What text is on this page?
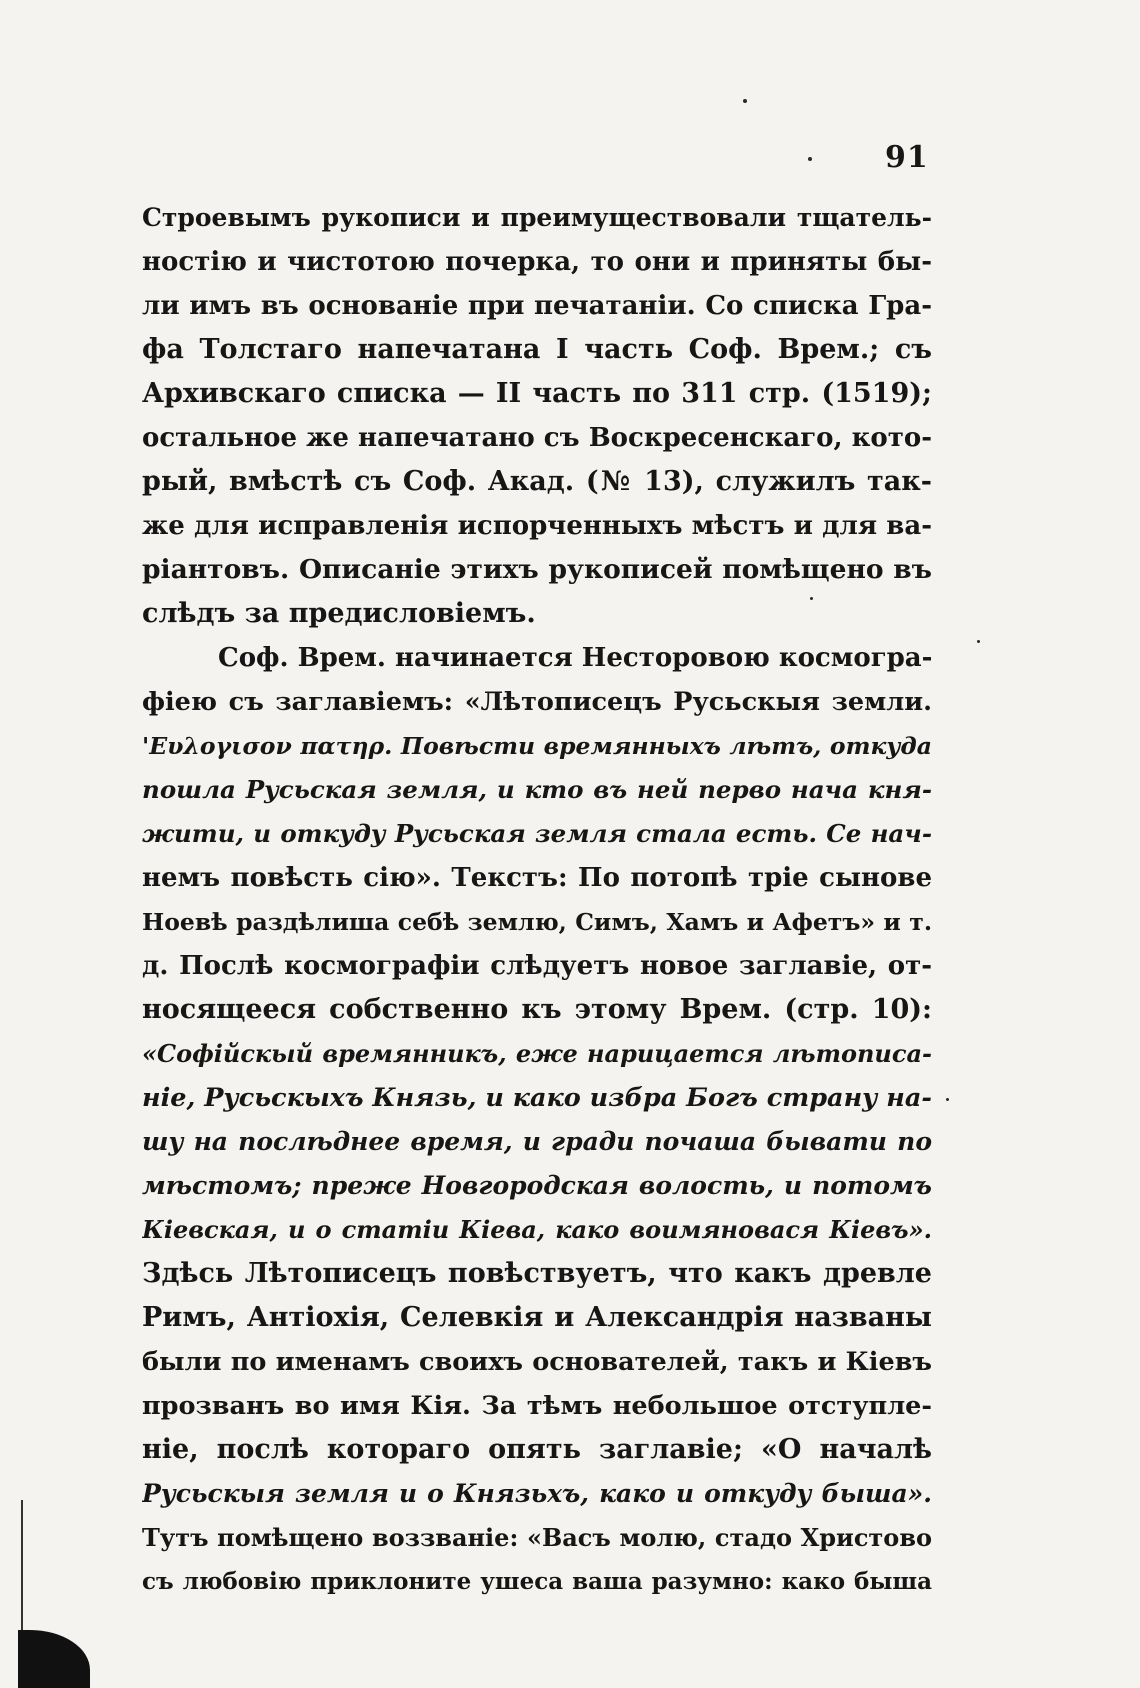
91
Строевымъ рукописи и преимуществовали тщатель-
ностію и чистотою почерка, то они и приняты бы-
ли имъ въ основаніе при печатаніи. Со списка Гра-
фа Толстаго напечатана I часть Соф. Врем.; съ
Архивскаго списка — II часть по 311 стр. (1519);
остальное же напечатано съ Воскресенскаго, кото-
рый, вмѣстѣ съ Соф. Акад. (№ 13), служилъ так-
же для исправленія испорченныхъ мѣстъ и для ва-
ріантовъ. Описаніе этихъ рукописей помѣщено въ
слѣдъ за предисловіемъ.
Соф. Врем. начинается Несторовою космогра-
фіею съ заглавіемъ: «Лѣтописецъ Русьскыя земли.
'Ευλογισον πατηρ. Повѣсти времянныхъ лѣтъ, откуда
пошла Русьская земля, и кто въ ней перво нача кня-
жити, и откуду Русьская земля стала есть. Се нач-
немъ повѣсть сію». Текстъ: По потопѣ тріе сынове
Ноевѣ раздѣлиша себѣ землю, Симъ, Хамъ и Афетъ» и т.
д. Послѣ космографіи слѣдуетъ новое заглавіе, от-
носящееся собственно къ этому Врем. (стр. 10):
«Софійскый времянникъ, еже нарицается лѣтописа-
ніе, Русьскыхъ Князь, и како избра Богъ страну на-
шу на послѣднее время, и гради почаша бывати по
мѣстомъ; преже Новгородская волость, и потомъ
Кіевская, и о статіи Кіева, како воимяновася Кіевъ».
Здѣсь Лѣтописецъ повѣствуетъ, что какъ древле
Римъ, Антіохія, Селевкія и Александрія названы
были по именамъ своихъ основателей, такъ и Кіевъ
прозванъ во имя Кія. За тѣмъ небольшое отступле-
ніе, послѣ котораго опять заглавіе; «О началѣ
Русьскыя земля и о Князьхъ, како и откуду быша».
Тутъ помѣщено воззваніе: «Васъ молю, стадо Христово
съ любовію приклоните ушеса ваша разумно: како быша
